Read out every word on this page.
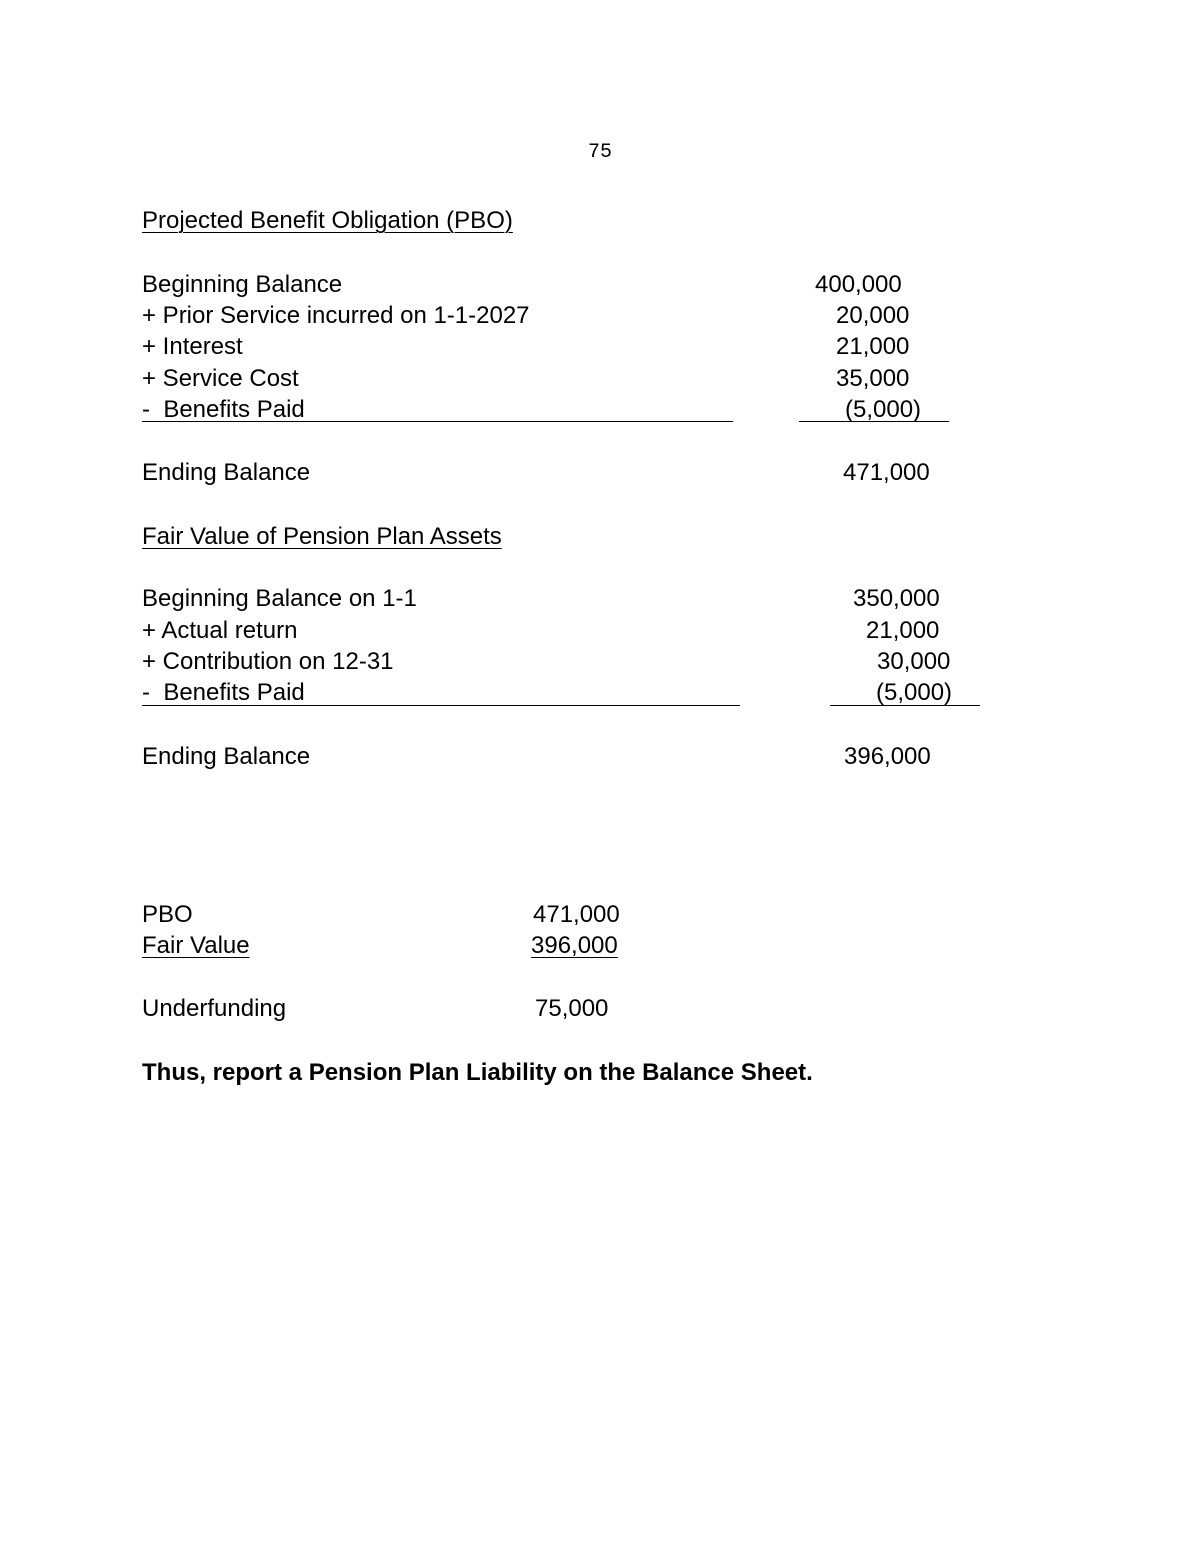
75
Projected Benefit Obligation (PBO)
Beginning Balance	400,000
+ Prior Service incurred on 1-1-2027	20,000
+ Interest	21,000
+ Service Cost	35,000
-  Benefits Paid	(5,000)
Ending Balance	471,000
Fair Value of Pension Plan Assets
Beginning Balance on 1-1	350,000
+ Actual return	21,000
+ Contribution on 12-31	30,000
-  Benefits Paid	(5,000)
Ending Balance	396,000
PBO	471,000
Fair Value	396,000
Underfunding	75,000
Thus, report a Pension Plan Liability on the Balance Sheet.
